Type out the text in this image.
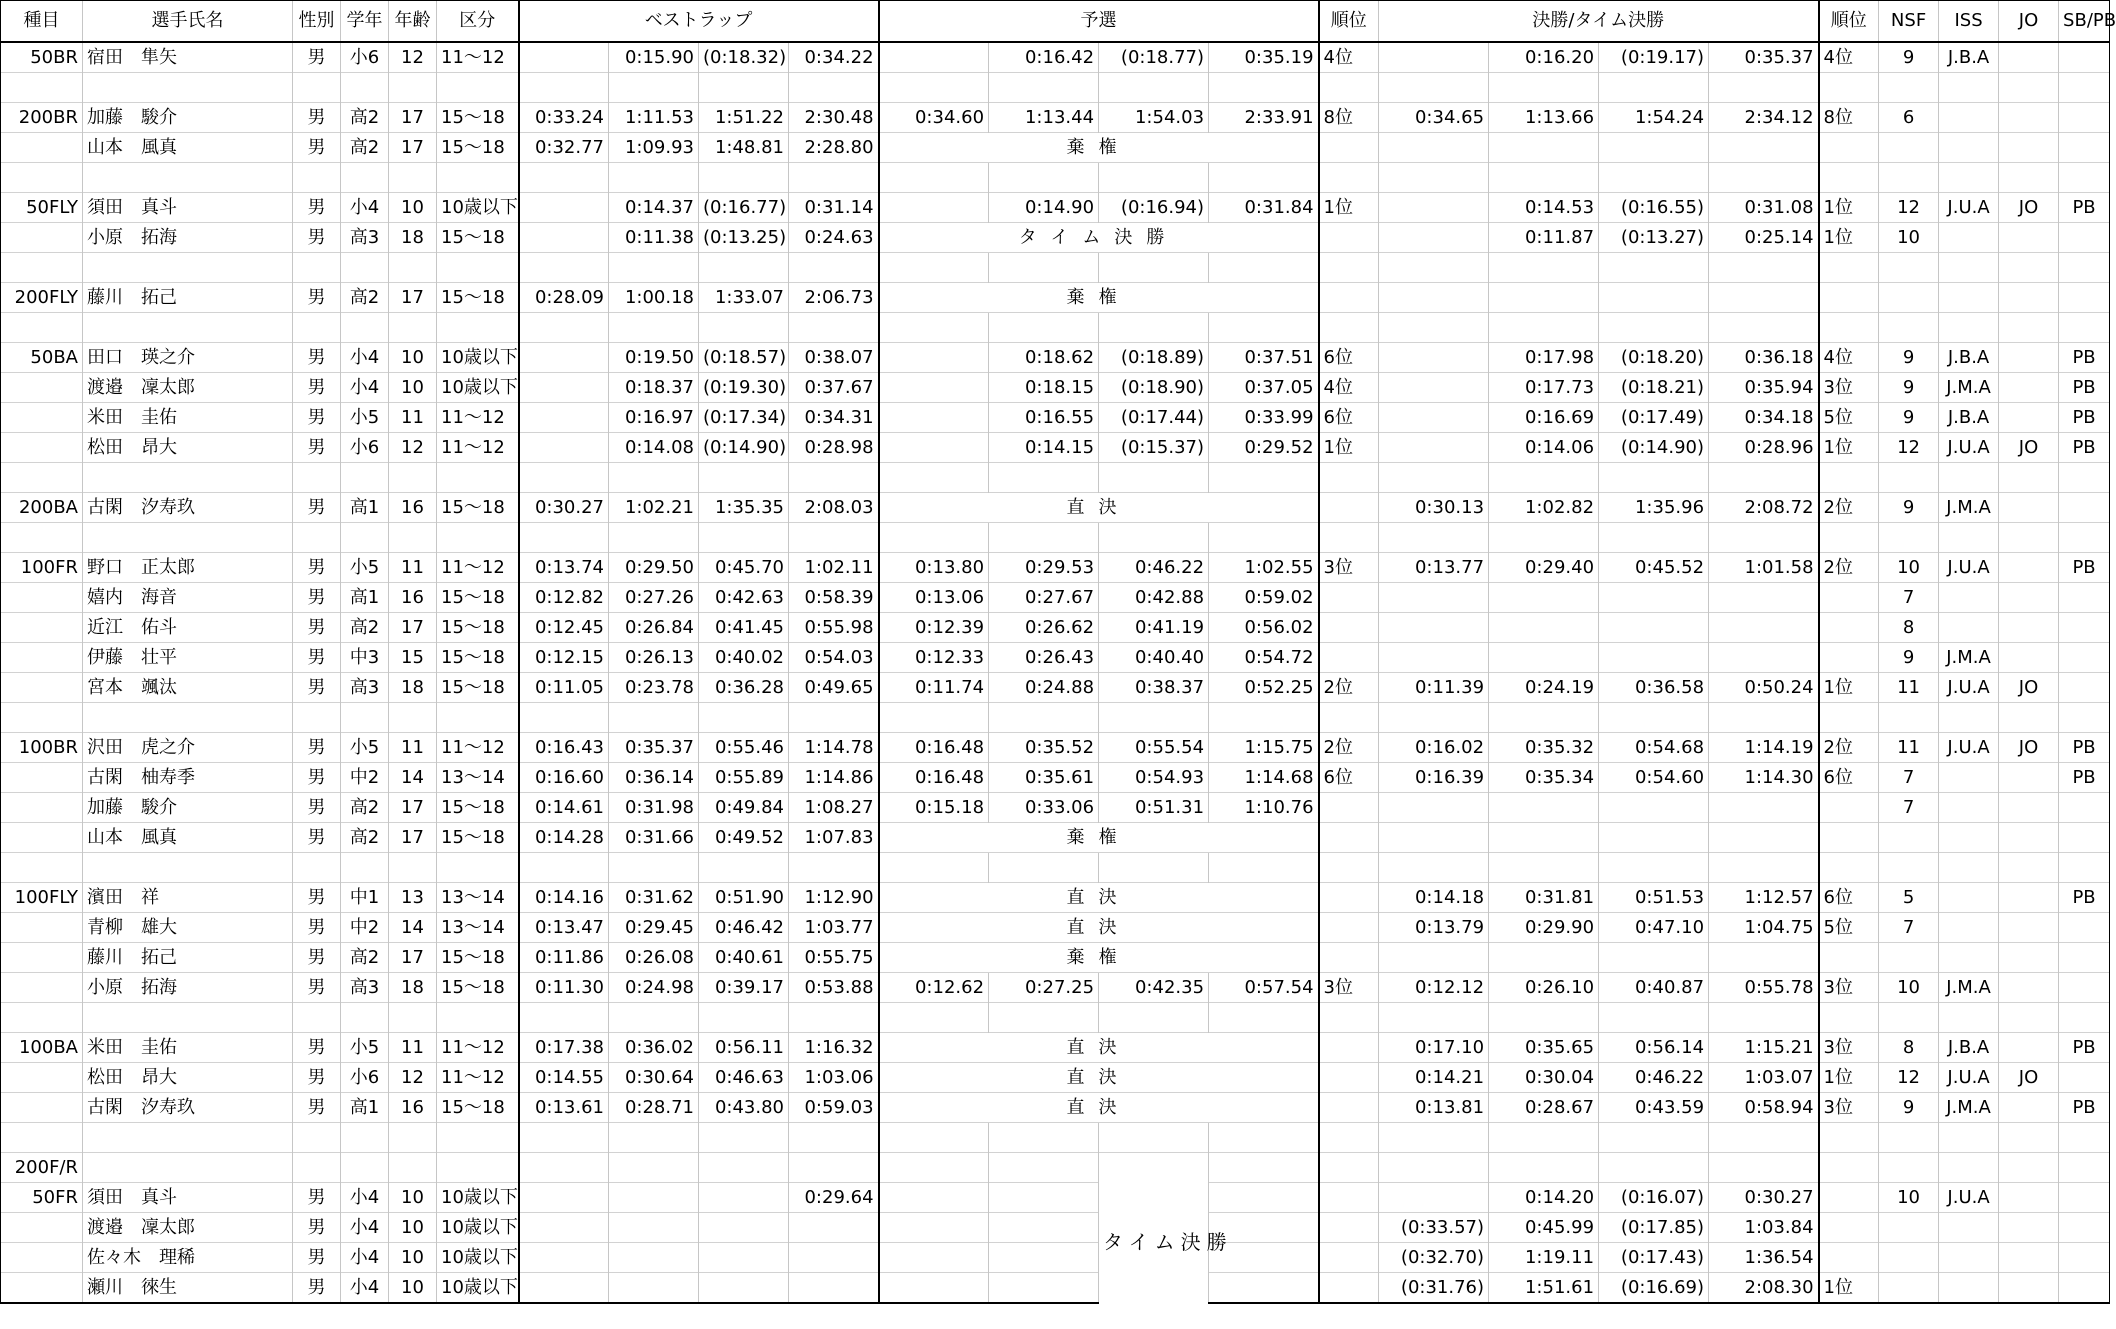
種目	選手氏名	性別	学年	年齢	区分	ベストラップ				予選				順位	決勝/タイム決勝				順位	NSF	ISS	JO	SB/PB
50BR	宿田　隼矢	男	小6	12	11～12		0:15.90	(0:18.32)	0:34.22		0:16.42	(0:18.77)	0:35.19	4位		0:16.20	(0:19.17)	0:35.37	4位	9	J.B.A		

200BR	加藤　駿介	男	高2	17	15～18	0:33.24	1:11.53	1:51.22	2:30.48	0:34.60	1:13.44	1:54.03	2:33.91	8位	0:34.65	1:13.66	1:54.24	2:34.12	8位	6			
	山本　風真	男	高2	17	15～18	0:32.77	1:09.93	1:48.81	2:28.80	棄権													

50FLY	須田　真斗	男	小4	10	10歳以下		0:14.37	(0:16.77)	0:31.14		0:14.90	(0:16.94)	0:31.84	1位		0:14.53	(0:16.55)	0:31.08	1位	12	J.U.A	JO	PB
	小原　拓海	男	高3	18	15～18		0:11.38	(0:13.25)	0:24.63	タイム決勝						0:11.87	(0:13.27)	0:25.14	1位	10			

200FLY	藤川　拓己	男	高2	17	15～18	0:28.09	1:00.18	1:33.07	2:06.73	棄権													

50BA	田口　瑛之介	男	小4	10	10歳以下		0:19.50	(0:18.57)	0:38.07		0:18.62	(0:18.89)	0:37.51	6位		0:17.98	(0:18.20)	0:36.18	4位	9	J.B.A		PB
	渡邉　凜太郎	男	小4	10	10歳以下		0:18.37	(0:19.30)	0:37.67		0:18.15	(0:18.90)	0:37.05	4位		0:17.73	(0:18.21)	0:35.94	3位	9	J.M.A		PB
	米田　圭佑	男	小5	11	11～12		0:16.97	(0:17.34)	0:34.31		0:16.55	(0:17.44)	0:33.99	6位		0:16.69	(0:17.49)	0:34.18	5位	9	J.B.A		PB
	松田　昂大	男	小6	12	11～12		0:14.08	(0:14.90)	0:28.98		0:14.15	(0:15.37)	0:29.52	1位		0:14.06	(0:14.90)	0:28.96	1位	12	J.U.A	JO	PB

200BA	古閑　汐寿玖	男	高1	16	15～18	0:30.27	1:02.21	1:35.35	2:08.03	直決					0:30.13	1:02.82	1:35.96	2:08.72	2位	9	J.M.A		

100FR	野口　正太郎	男	小5	11	11～12	0:13.74	0:29.50	0:45.70	1:02.11	0:13.80	0:29.53	0:46.22	1:02.55	3位	0:13.77	0:29.40	0:45.52	1:01.58	2位	10	J.U.A		PB
	嬉内　海音	男	高1	16	15～18	0:12.82	0:27.26	0:42.63	0:58.39	0:13.06	0:27.67	0:42.88	0:59.02							7			
	近江　佑斗	男	高2	17	15～18	0:12.45	0:26.84	0:41.45	0:55.98	0:12.39	0:26.62	0:41.19	0:56.02							8			
	伊藤　壮平	男	中3	15	15～18	0:12.15	0:26.13	0:40.02	0:54.03	0:12.33	0:26.43	0:40.40	0:54.72							9	J.M.A		
	宮本　颯汰	男	高3	18	15～18	0:11.05	0:23.78	0:36.28	0:49.65	0:11.74	0:24.88	0:38.37	0:52.25	2位	0:11.39	0:24.19	0:36.58	0:50.24	1位	11	J.U.A	JO	

100BR	沢田　虎之介	男	小5	11	11～12	0:16.43	0:35.37	0:55.46	1:14.78	0:16.48	0:35.52	0:55.54	1:15.75	2位	0:16.02	0:35.32	0:54.68	1:14.19	2位	11	J.U.A	JO	PB
	古閑　柚寿季	男	中2	14	13～14	0:16.60	0:36.14	0:55.89	1:14.86	0:16.48	0:35.61	0:54.93	1:14.68	6位	0:16.39	0:35.34	0:54.60	1:14.30	6位	7			PB
	加藤　駿介	男	高2	17	15～18	0:14.61	0:31.98	0:49.84	1:08.27	0:15.18	0:33.06	0:51.31	1:10.76							7			
	山本　風真	男	高2	17	15～18	0:14.28	0:31.66	0:49.52	1:07.83	棄権													

100FLY	濱田　祥	男	中1	13	13～14	0:14.16	0:31.62	0:51.90	1:12.90	直決					0:14.18	0:31.81	0:51.53	1:12.57	6位	5			PB
	青柳　雄大	男	中2	14	13～14	0:13.47	0:29.45	0:46.42	1:03.77	直決					0:13.79	0:29.90	0:47.10	1:04.75	5位	7			
	藤川　拓己	男	高2	17	15～18	0:11.86	0:26.08	0:40.61	0:55.75	棄権													
	小原　拓海	男	高3	18	15～18	0:11.30	0:24.98	0:39.17	0:53.88	0:12.62	0:27.25	0:42.35	0:57.54	3位	0:12.12	0:26.10	0:40.87	0:55.78	3位	10	J.M.A		

100BA	米田　圭佑	男	小5	11	11～12	0:17.38	0:36.02	0:56.11	1:16.32	直決					0:17.10	0:35.65	0:56.14	1:15.21	3位	8	J.B.A		PB
	松田　昂大	男	小6	12	11～12	0:14.55	0:30.64	0:46.63	1:03.06	直決					0:14.21	0:30.04	0:46.22	1:03.07	1位	12	J.U.A	JO	
	古閑　汐寿玖	男	高1	16	15～18	0:13.61	0:28.71	0:43.80	0:59.03	直決					0:13.81	0:28.67	0:43.59	0:58.94	3位	9	J.M.A		PB

200F/R																							
50FR	須田　真斗	男	小4	10	10歳以下				0:29.64			タイム決勝				0:14.20	(0:16.07)	0:30.27		10	J.U.A		
	渡邉　凜太郎	男	小4	10	10歳以下										(0:33.57)	0:45.99	(0:17.85)	1:03.84					
	佐々木　理稀	男	小4	10	10歳以下										(0:32.70)	1:19.11	(0:17.43)	1:36.54					
	瀬川　徠生	男	小4	10	10歳以下										(0:31.76)	1:51.61	(0:16.69)	2:08.30	1位				
